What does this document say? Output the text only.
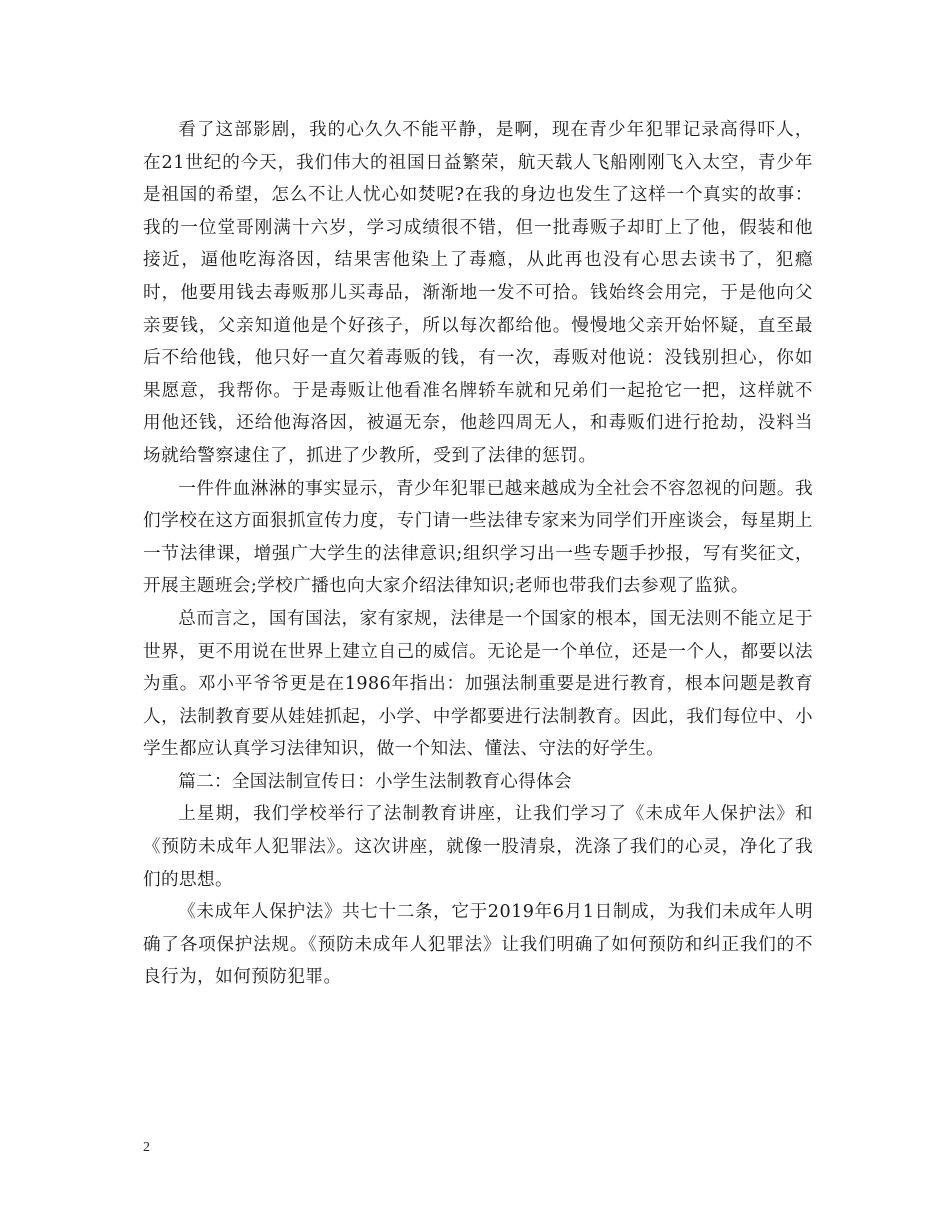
看了这部影剧，我的心久久不能平静，是啊，现在青少年犯罪记录高得吓人，在21世纪的今天，我们伟大的祖国日益繁荣，航天载人飞船刚刚飞入太空，青少年是祖国的希望，怎么不让人忧心如焚呢?在我的身边也发生了这样一个真实的故事：我的一位堂哥刚满十六岁，学习成绩很不错，但一批毒贩子却盯上了他，假装和他接近，逼他吃海洛因，结果害他染上了毒瘾，从此再也没有心思去读书了，犯瘾时，他要用钱去毒贩那儿买毒品，渐渐地一发不可拾。钱始终会用完，于是他向父亲要钱，父亲知道他是个好孩子，所以每次都给他。慢慢地父亲开始怀疑，直至最后不给他钱，他只好一直欠着毒贩的钱，有一次，毒贩对他说：没钱别担心，你如果愿意，我帮你。于是毒贩让他看准名牌轿车就和兄弟们一起抢它一把，这样就不用他还钱，还给他海洛因，被逼无奈，他趁四周无人，和毒贩们进行抢劫，没料当场就给警察逮住了，抓进了少教所，受到了法律的惩罚。

一件件血淋淋的事实显示，青少年犯罪已越来越成为全社会不容忽视的问题。我们学校在这方面狠抓宣传力度，专门请一些法律专家来为同学们开座谈会，每星期上一节法律课，增强广大学生的法律意识;组织学习出一些专题手抄报，写有奖征文，开展主题班会;学校广播也向大家介绍法律知识;老师也带我们去参观了监狱。

总而言之，国有国法，家有家规，法律是一个国家的根本，国无法则不能立足于世界，更不用说在世界上建立自己的威信。无论是一个单位，还是一个人，都要以法为重。邓小平爷爷更是在1986年指出：加强法制重要是进行教育，根本问题是教育人，法制教育要从娃娃抓起，小学、中学都要进行法制教育。因此，我们每位中、小学生都应认真学习法律知识，做一个知法、懂法、守法的好学生。

篇二：全国法制宣传日：小学生法制教育心得体会

上星期，我们学校举行了法制教育讲座，让我们学习了《未成年人保护法》和《预防未成年人犯罪法》。这次讲座，就像一股清泉，洗涤了我们的心灵，净化了我们的思想。

《未成年人保护法》共七十二条，它于2019年6月1日制成，为我们未成年人明确了各项保护法规。《预防未成年人犯罪法》让我们明确了如何预防和纠正我们的不良行为，如何预防犯罪。

2
